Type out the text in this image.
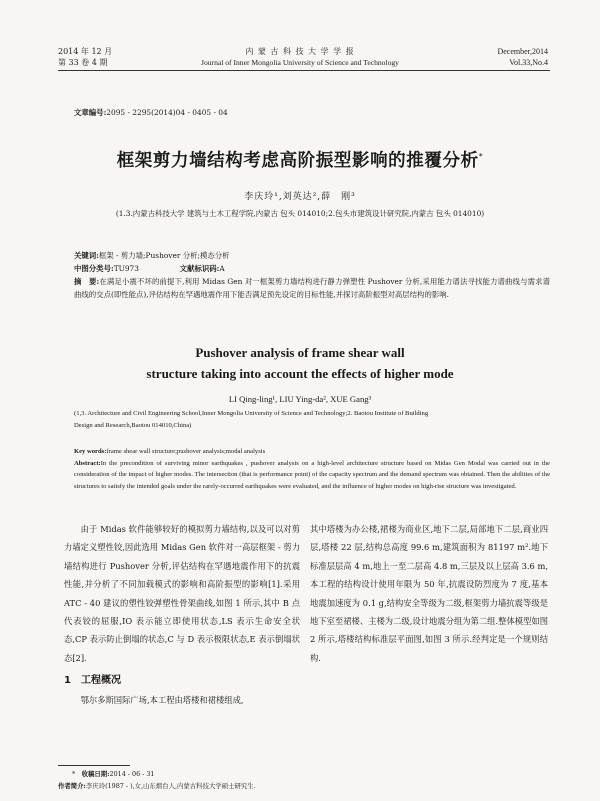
2014 年 12 月
第 33 卷 4 期
内 蒙 古 科 技 大 学 学 报
Journal of Inner Mongolia University of Science and Technology
December,2014
Vol.33,No.4
文章编号:2095 - 2295(2014)04 - 0405 - 04
框架剪力墙结构考虑高阶振型影响的推覆分析*
李庆玲¹,刘英达²,薛　刚³
(1.3.内蒙古科技大学 建筑与土木工程学院,内蒙古 包头 014010;2.包头市建筑设计研究院,内蒙古 包头 014010)
关键词:框架 - 剪力墙;Pushover 分析;模态分析
中图分类号:TU973	文献标识码:A
摘　要:在满足小震不坏的前提下,利用 Midas Gen 对一框架剪力墙结构进行静力弹塑性 Pushover 分析,采用能力谱法寻找能力谱曲线与需求谱曲线的交点(即性能点),评估结构在罕遇地震作用下能否满足预先设定的目标性能,并探讨高阶振型对高层结构的影响.
Pushover analysis of frame shear wall
structure taking into account the effects of higher mode
LI Qing-ling¹, LIU Ying-da², XUE Gang³
(1,3. Architecture and Civil Engineering School,Inner Mongolia University of Science and Technology;2. Baotou Institute of Building
Design and Research,Baotou 014010,China)
Key words:frame shear wall structure;pushover analysis;modal analysis
Abstract:In the precondition of surviving minor earthquakes , pushover analysis on a high-level architecture structure based on Midas Gen Modal was carried out in the consideration of the impact of higher modes. The intersection (that is performance point) of the capacity spectrum and the demand spectrum was obtained. Then the abilities of the structures to satisfy the intended goals under the rarely-occurred earthquakes were evaluated, and the influence of higher modes on high-rise structure was investigated.

由于 Midas 软件能够较好的模拟剪力墙结构,以及可以对剪力墙定义塑性铰,因此选用 Midas Gen 软件对一高层框架 - 剪力墙结构进行 Pushover 分析,评估结构在罕遇地震作用下的抗震性能,并分析了不同加载模式的影响和高阶振型的影响[1].采用 ATC - 40 建议的塑性铰弹塑性骨架曲线,如图 1 所示,其中 B 点代表铰的屈服,IO 表示能立即使用状态,LS 表示生命安全状态,CP 表示防止倒塌的状态,C 与 D 表示极限状态,E 表示倒塌状态[2].

1　工程概况

鄂尔多斯国际广场,本工程由塔楼和裙楼组成,

其中塔楼为办公楼,裙楼为商业区,地下二层,局部地下二层,商业四层,塔楼 22 层,结构总高度 99.6 m,建筑面积为 81197 m².地下标准层层高 4 m,地上一至二层高 4.8 m,三层及以上层高 3.6 m,本工程的结构设计使用年限为 50 年,抗震设防烈度为 7 度,基本地震加速度为 0.1 g,结构安全等级为二级,框架剪力墙抗震等级是地下室至裙楼、主楼为二级,设计地震分组为第二组.整体模型如图 2 所示,塔楼结构标准层平面图,如图 3 所示.经判定是一个规则结构.

*　收稿日期:2014 - 06 - 31
作者简介:李庆玲(1987 - ),女,山东烟台人,内蒙古科技大学硕士研究生.
